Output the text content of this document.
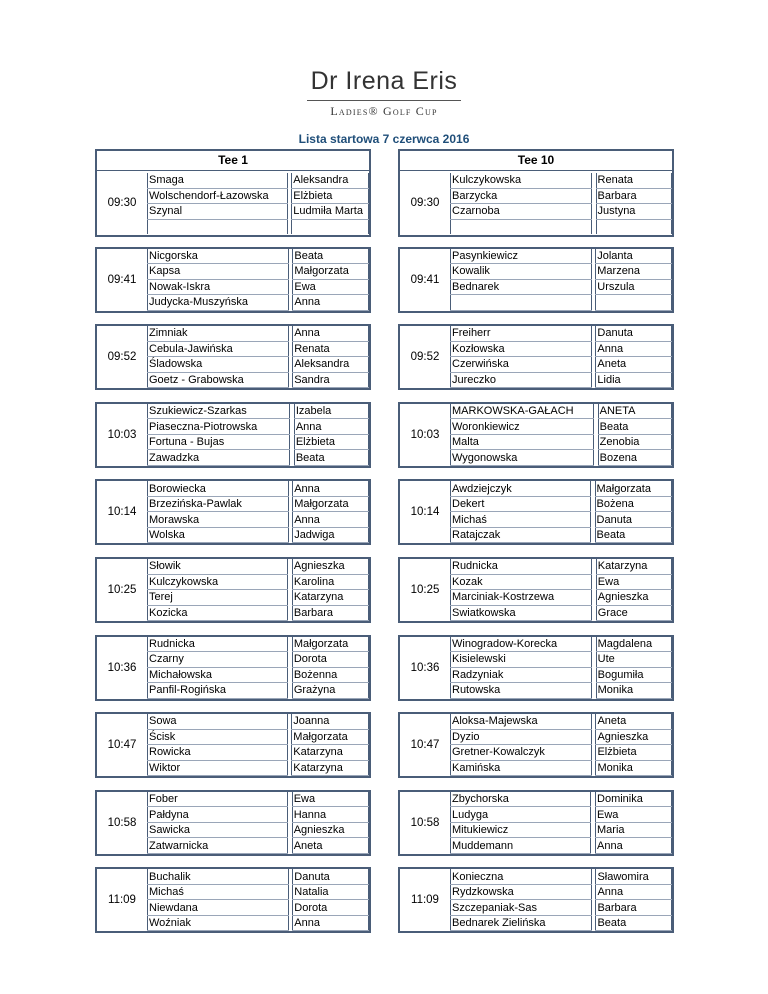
Dr Irena Eris
Ladies® Golf Cup
Lista startowa 7 czerwca 2016
Tee 1
09:30
Smaga		Aleksandra
Wolschendorf-Łazowska		Elżbieta
Szynal		Ludmiła Marta

09:41
Nicgorska		Beata
Kapsa		Małgorzata
Nowak-Iskra		Ewa
Judycka-Muszyńska		Anna
09:52
Zimniak		Anna
Cebula-Jawińska		Renata
Śladowska		Aleksandra
Goetz - Grabowska		Sandra
10:03
Szukiewicz-Szarkas		Izabela
Piaseczna-Piotrowska		Anna
Fortuna - Bujas		Elżbieta
Zawadzka		Beata
10:14
Borowiecka		Anna
Brzezińska-Pawlak		Małgorzata
Morawska		Anna
Wolska		Jadwiga
10:25
Słowik		Agnieszka
Kulczykowska		Karolina
Terej		Katarzyna
Kozicka		Barbara
10:36
Rudnicka		Małgorzata
Czarny		Dorota
Michałowska		Bożenna
Panfil-Rogińska		Grażyna
10:47
Sowa		Joanna
Ścisk		Małgorzata
Rowicka		Katarzyna
Wiktor		Katarzyna
10:58
Fober		Ewa
Pałdyna		Hanna
Sawicka		Agnieszka
Zatwarnicka		Aneta
11:09
Buchalik		Danuta
Michaś		Natalia
Niewdana		Dorota
Woźniak		Anna
Tee 10
09:30
Kulczykowska		Renata
Barzycka		Barbara
Czarnoba		Justyna

09:41
Pasynkiewicz		Jolanta
Kowalik		Marzena
Bednarek		Urszula

09:52
Freiherr		Danuta
Kozłowska		Anna
Czerwińska		Aneta
Jureczko		Lidia
10:03
MARKOWSKA-GAŁACH		ANETA
Woronkiewicz		Beata
Malta		Zenobia
Wygonowska		Bozena
10:14
Awdziejczyk		Małgorzata
Dekert		Bożena
Michaś		Danuta
Ratajczak		Beata
10:25
Rudnicka		Katarzyna
Kozak		Ewa
Marciniak-Kostrzewa		Agnieszka
Swiatkowska		Grace
10:36
Winogradow-Korecka		Magdalena
Kisielewski		Ute
Radzyniak		Bogumiła
Rutowska		Monika
10:47
Aloksa-Majewska		Aneta
Dyzio		Agnieszka
Gretner-Kowalczyk		Elżbieta
Kamińska		Monika
10:58
Zbychorska		Dominika
Ludyga		Ewa
Mitukiewicz		Maria
Muddemann		Anna
11:09
Konieczna		Sławomira
Rydzkowska		Anna
Szczepaniak-Sas		Barbara
Bednarek Zielińska		Beata
